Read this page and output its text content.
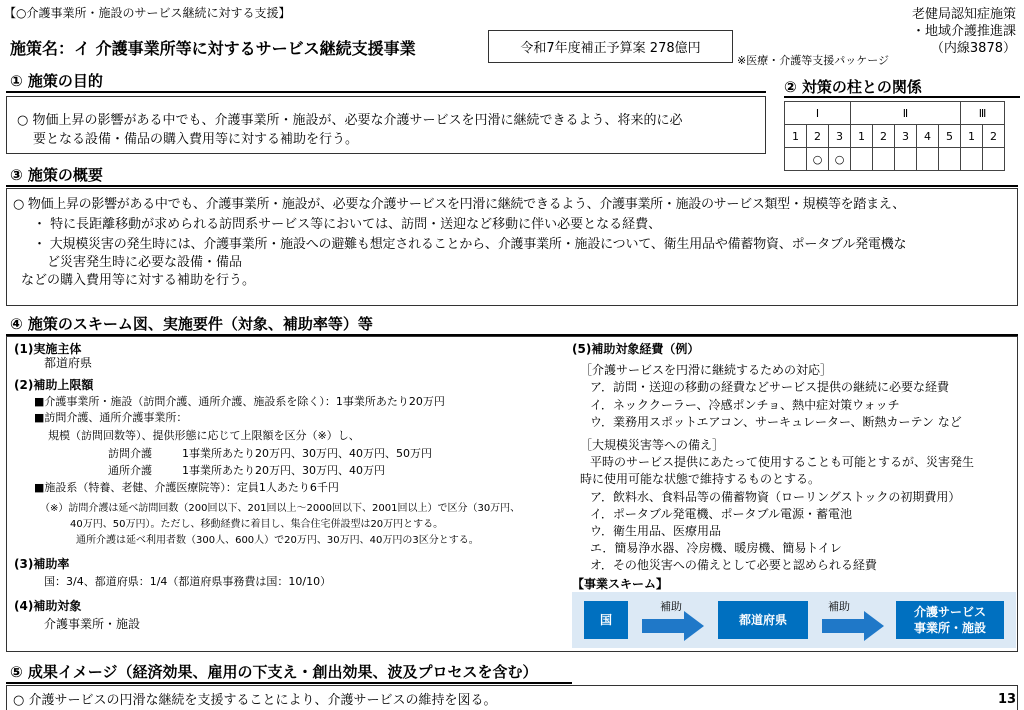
【○介護事業所・施設のサービス継続に対する支援】
施策名：イ 介護事業所等に対するサービス継続支援事業	令和7年度補正予算案 278億円
※医療・介護等支援パッケージ
老健局認知症施策
・地域介護推進課
（内線3878）
① 施策の目的
○ 物価上昇の影響がある中でも、介護事業所・施設が、必要な介護サービスを円滑に継続できるよう、将来的に必
要となる設備・備品の購入費用等に対する補助を行う。
② 対策の柱との関係
Ⅰ			Ⅱ					Ⅲ	
1	2	3	1	2	3	4	5	1	2
	○	○							
③ 施策の概要
○ 物価上昇の影響がある中でも、介護事業所・施設が、必要な介護サービスを円滑に継続できるよう、介護事業所・施設のサービス類型・規模等を踏まえ、
・ 特に長距離移動が求められる訪問系サービス等においては、訪問・送迎など移動に伴い必要となる経費、
・ 大規模災害の発生時には、介護事業所・施設への避難も想定されることから、介護事業所・施設について、衛生用品や備蓄物資、ポータブル発電機な
ど災害発生時に必要な設備・備品
などの購入費用等に対する補助を行う。
④ 施策のスキーム図、実施要件（対象、補助率等）等
(1)実施主体
都道府県
(2)補助上限額
■介護事業所・施設（訪問介護、通所介護、施設系を除く）：1事業所あたり20万円
■訪問介護、通所介護事業所：
規模（訪問回数等）、提供形態に応じて上限額を区分（※）し、
訪問介護	1事業所あたり20万円、30万円、40万円、50万円
通所介護	1事業所あたり20万円、30万円、40万円
■施設系（特養、老健、介護医療院等）：定員1人あたり6千円
（※）訪問介護は延べ訪問回数（200回以下、201回以上～2000回以下、2001回以上）で区分（30万円、
40万円、50万円）。ただし、移動経費に着目し、集合住宅併設型は20万円とする。
通所介護は延べ利用者数（300人、600人）で20万円、30万円、40万円の3区分とする。
(3)補助率
国：3/4、都道府県：1/4（都道府県事務費は国：10/10）
(4)補助対象
介護事業所・施設
(5)補助対象経費（例）
［介護サービスを円滑に継続するための対応］
ア．訪問・送迎の移動の経費などサービス提供の継続に必要な経費
イ．ネッククーラー、冷感ポンチョ、熱中症対策ウォッチ
ウ．業務用スポットエアコン、サーキュレーター、断熱カーテン など
［大規模災害等への備え］
平時のサービス提供にあたって使用することも可能とするが、災害発生
時に使用可能な状態で維持するものとする。
ア．飲料水、食料品等の備蓄物資（ローリングストックの初期費用）
イ．ポータブル発電機、ポータブル電源・蓄電池
ウ．衛生用品、医療用品
エ．簡易浄水器、冷房機、暖房機、簡易トイレ
オ．その他災害への備えとして必要と認められる経費
【事業スキーム】
国
補助
都道府県
補助	介護サービス
事業所・施設
⑤ 成果イメージ（経済効果、雇用の下支え・創出効果、波及プロセスを含む）
○ 介護サービスの円滑な継続を支援することにより、介護サービスの維持を図る。	13
